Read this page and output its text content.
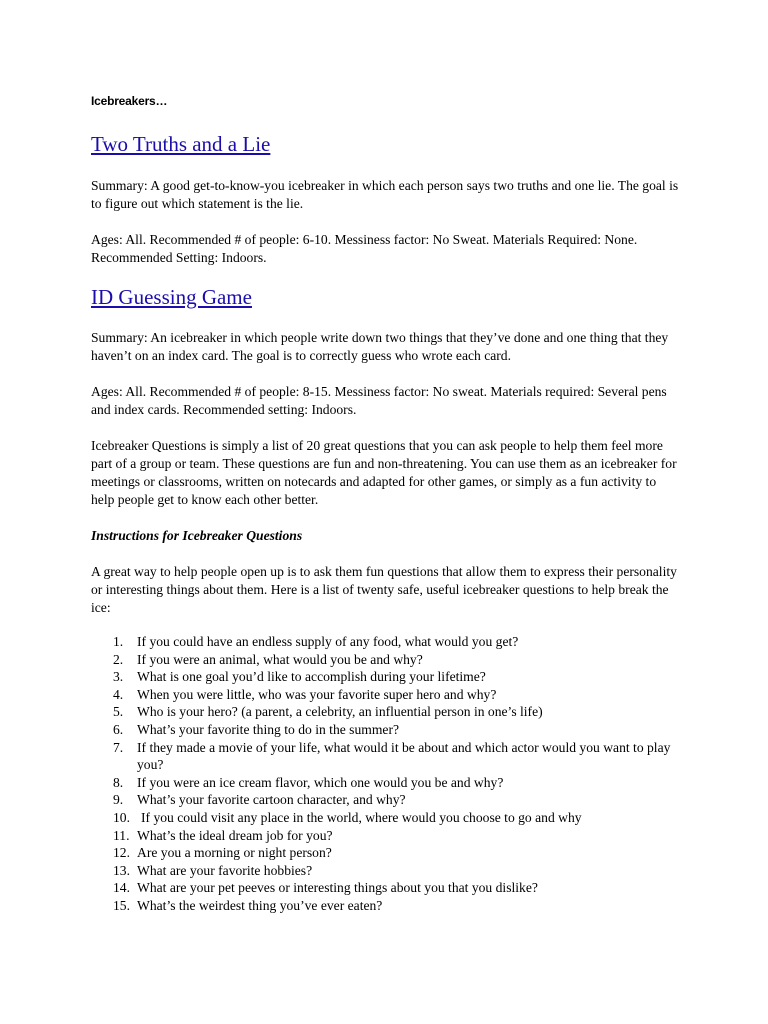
Icebreakers…
Two Truths and a Lie

Summary: A good get-to-know-you icebreaker in which each person says two truths and one lie. The goal is to figure out which statement is the lie.

Ages: All. Recommended # of people: 6-10. Messiness factor: No Sweat. Materials Required: None. Recommended Setting: Indoors.

ID Guessing Game

Summary: An icebreaker in which people write down two things that they’ve done and one thing that they haven’t on an index card. The goal is to correctly guess who wrote each card.

Ages: All. Recommended # of people: 8-15. Messiness factor: No sweat. Materials required: Several pens and index cards. Recommended setting: Indoors.

Icebreaker Questions is simply a list of 20 great questions that you can ask people to help them feel more part of a group or team. These questions are fun and non-threatening. You can use them as an icebreaker for meetings or classrooms, written on notecards and adapted for other games, or simply as a fun activity to help people get to know each other better.

Instructions for Icebreaker Questions

A great way to help people open up is to ask them fun questions that allow them to express their personality or interesting things about them. Here is a list of twenty safe, useful icebreaker questions to help break the ice:

1.	If you could have an endless supply of any food, what would you get?
2.	If you were an animal, what would you be and why?
3.	What is one goal you’d like to accomplish during your lifetime?
4.	When you were little, who was your favorite super hero and why?
5.	Who is your hero? (a parent, a celebrity, an influential person in one’s life)
6.	What’s your favorite thing to do in the summer?
7.	If they made a movie of your life, what would it be about and which actor would you want to play you?
8.	If you were an ice cream flavor, which one would you be and why?
9.	What’s your favorite cartoon character, and why?
10. If you could visit any place in the world, where would you choose to go and why
11. What’s the ideal dream job for you?
12. Are you a morning or night person?
13. What are your favorite hobbies?
14. What are your pet peeves or interesting things about you that you dislike?
15. What’s the weirdest thing you’ve ever eaten?
